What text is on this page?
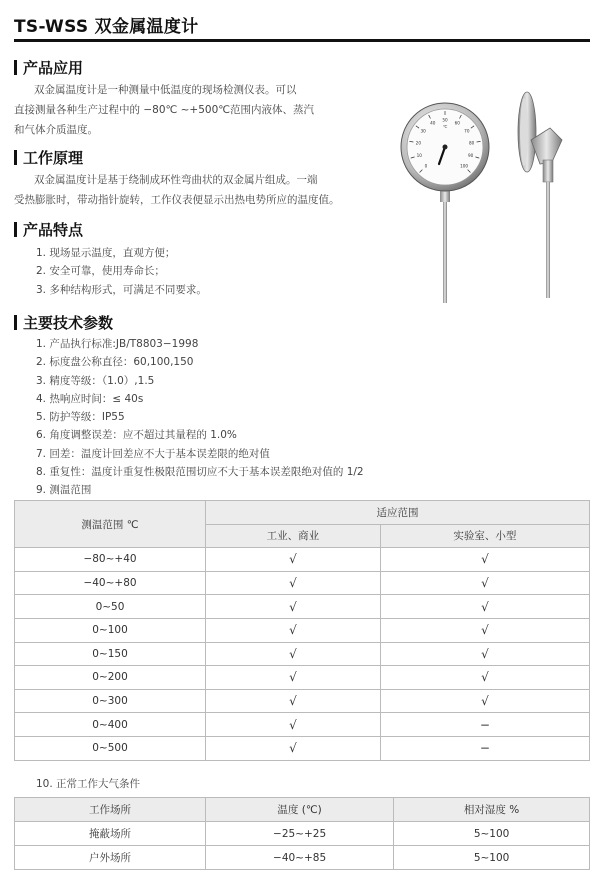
TS-WSS 双金属温度计
产品应用

双金属温度计是一种测量中低温度的现场检测仪表。可以

直接测量各种生产过程中的 −80℃ ~+500℃范围内液体、蒸汽

和气体介质温度。

工作原理

双金属温度计是基于绕制成环性弯曲状的双金属片组成。一端

受热膨胀时，带动指针旋转，工作仪表便显示出热电势所应的温度值。

产品特点
1. 现场显示温度，直观方便；
2. 安全可靠，使用寿命长；
3. 多种结构形式，可满足不同要求。
主要技术参数
1. 产品执行标准:JB/T8803−1998
2. 标度盘公称直径：60,100,150
3. 精度等级：（1.0）,1.5
4. 热响应时间：≤ 40s
5. 防护等级：IP55
6. 角度调整误差：应不超过其量程的 1.0%
7. 回差：温度计回差应不大于基本误差限的绝对值
8. 重复性：温度计重复性极限范围切应不大于基本误差限绝对值的 1/2
9. 测温范围
测温范围 ℃	适应范围	
	工业、商业	实验室、小型
−80~+40	√	√
−40~+80	√	√
0~50	√	√
0~100	√	√
0~150	√	√
0~200	√	√
0~300	√	√
0~400	√	−
0~500	√	−
10. 正常工作大气条件
工作场所	温度 (℃)	相对湿度 %
掩蔽场所	−25~+25	5~100
户外场所	−40~+85	5~100
0
10
20
30
40
50
60
70
80
90
100
℃
